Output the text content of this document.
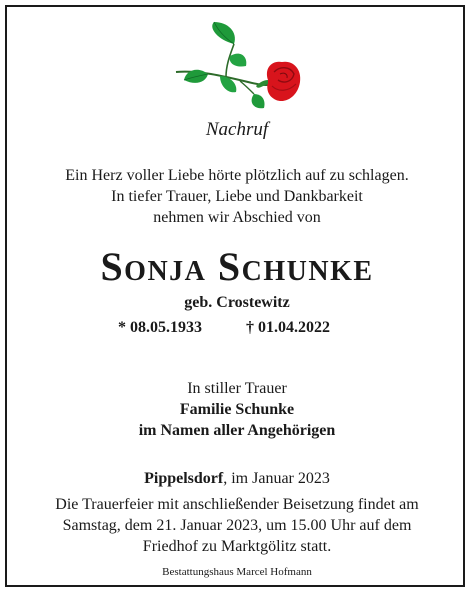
Nachruf
Ein Herz voller Liebe hörte plötzlich auf zu schlagen.
In tiefer Trauer, Liebe und Dankbarkeit
nehmen wir Abschied von
Sonja Schunke
geb. Crostewitz
* 08.05.1933	† 01.04.2022
In stiller Trauer
Familie Schunke
im Namen aller Angehörigen
Pippelsdorf, im Januar 2023
Die Trauerfeier mit anschließender Beisetzung findet am
Samstag, dem 21. Januar 2023, um 15.00 Uhr auf dem
Friedhof zu Marktgölitz statt.
Bestattungshaus Marcel Hofmann
